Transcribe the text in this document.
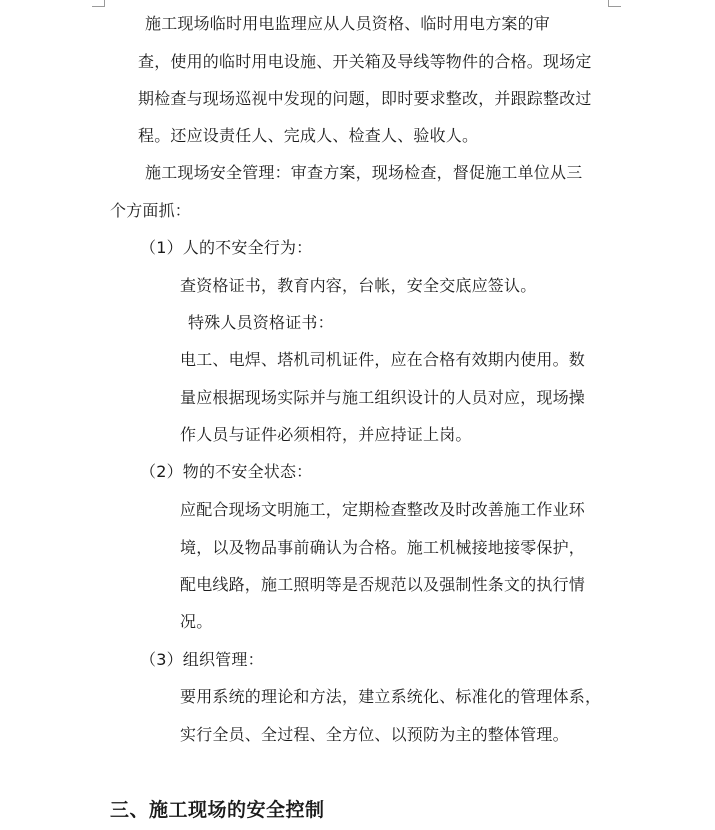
施工现场临时用电监理应从人员资格、临时用电方案的审
查，使用的临时用电设施、开关箱及导线等物件的合格。现场定
期检查与现场巡视中发现的问题，即时要求整改，并跟踪整改过
程。还应设责任人、完成人、检查人、验收人。
施工现场安全管理：审查方案，现场检查，督促施工单位从三
个方面抓：
（1）人的不安全行为：
查资格证书，教育内容，台帐，安全交底应签认。
特殊人员资格证书：
电工、电焊、塔机司机证件，应在合格有效期内使用。数
量应根据现场实际并与施工组织设计的人员对应，现场操
作人员与证件必须相符，并应持证上岗。
（2）物的不安全状态：
应配合现场文明施工，定期检查整改及时改善施工作业环
境，以及物品事前确认为合格。施工机械接地接零保护，
配电线路，施工照明等是否规范以及强制性条文的执行情
况。
（3）组织管理：
要用系统的理论和方法，建立系统化、标准化的管理体系，
实行全员、全过程、全方位、以预防为主的整体管理。
三、施工现场的安全控制
